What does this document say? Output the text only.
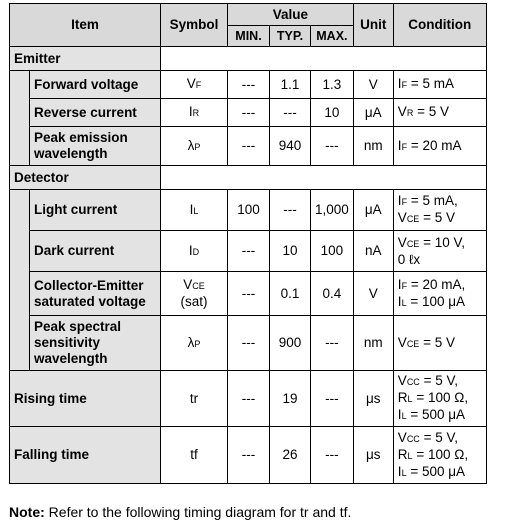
Item		Symbol	Value			Unit	Condition
			MIN.	TYP.	MAX.		
Emitter							
	Forward voltage	VF	---	1.1	1.3	V	IF = 5 mA
	Reverse current	IR	---	---	10	μA	VR = 5 V
	Peak emission
wavelength	λP	---	940	---	nm	IF = 20 mA
Detector							
	Light current	IL	100	---	1,000	μA	IF = 5 mA,
VCE = 5 V
	Dark current	ID	---	10	100	nA	VCE = 10 V,
0 ℓx
	Collector-Emitter
saturated voltage	VCE
(sat)	---	0.1	0.4	V	IF = 20 mA,
IL = 100 μA
	Peak spectral
sensitivity
wavelength	λP	---	900	---	nm	VCE = 5 V
Rising time		tr	---	19	---	μs	VCC = 5 V,
RL = 100 Ω,
IL = 500 μA
Falling time		tf	---	26	---	μs	VCC = 5 V,
RL = 100 Ω,
IL = 500 μA
Note: Refer to the following timing diagram for tr and tf.
